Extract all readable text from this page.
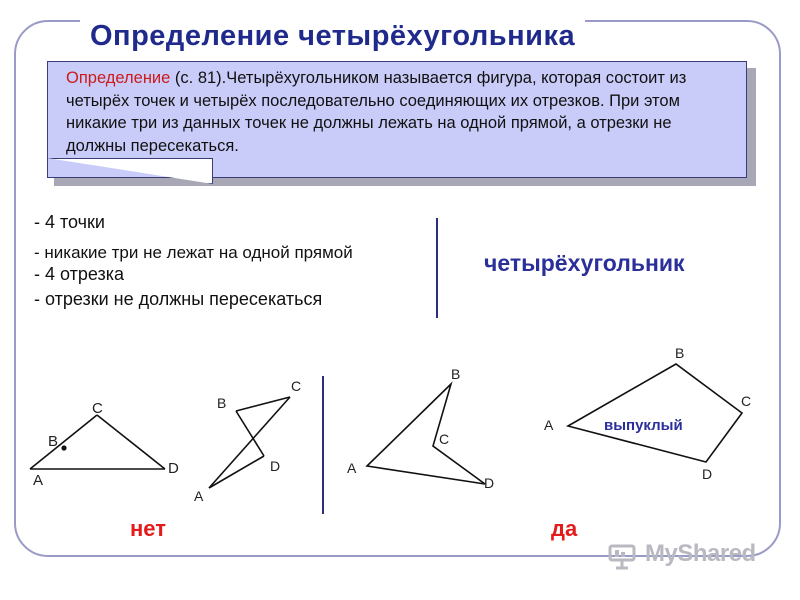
Определение четырёхугольника
Определение (с. 81).Четырёхугольником называется фигура, которая состоит из четырёх точек и четырёх последовательно соединяющих их отрезков. При этом никакие три из данных точек не должны лежать на одной прямой, а отрезки не должны пересекаться.
- 4 точки
- никакие три не лежат на одной прямой
- 4 отрезка
- отрезки не должны пересекаться
четырёхугольник
A
B
C
D
A
B
C
D	A
B
C
D
A
B
C
D
выпуклый
нет	да
MyShared
